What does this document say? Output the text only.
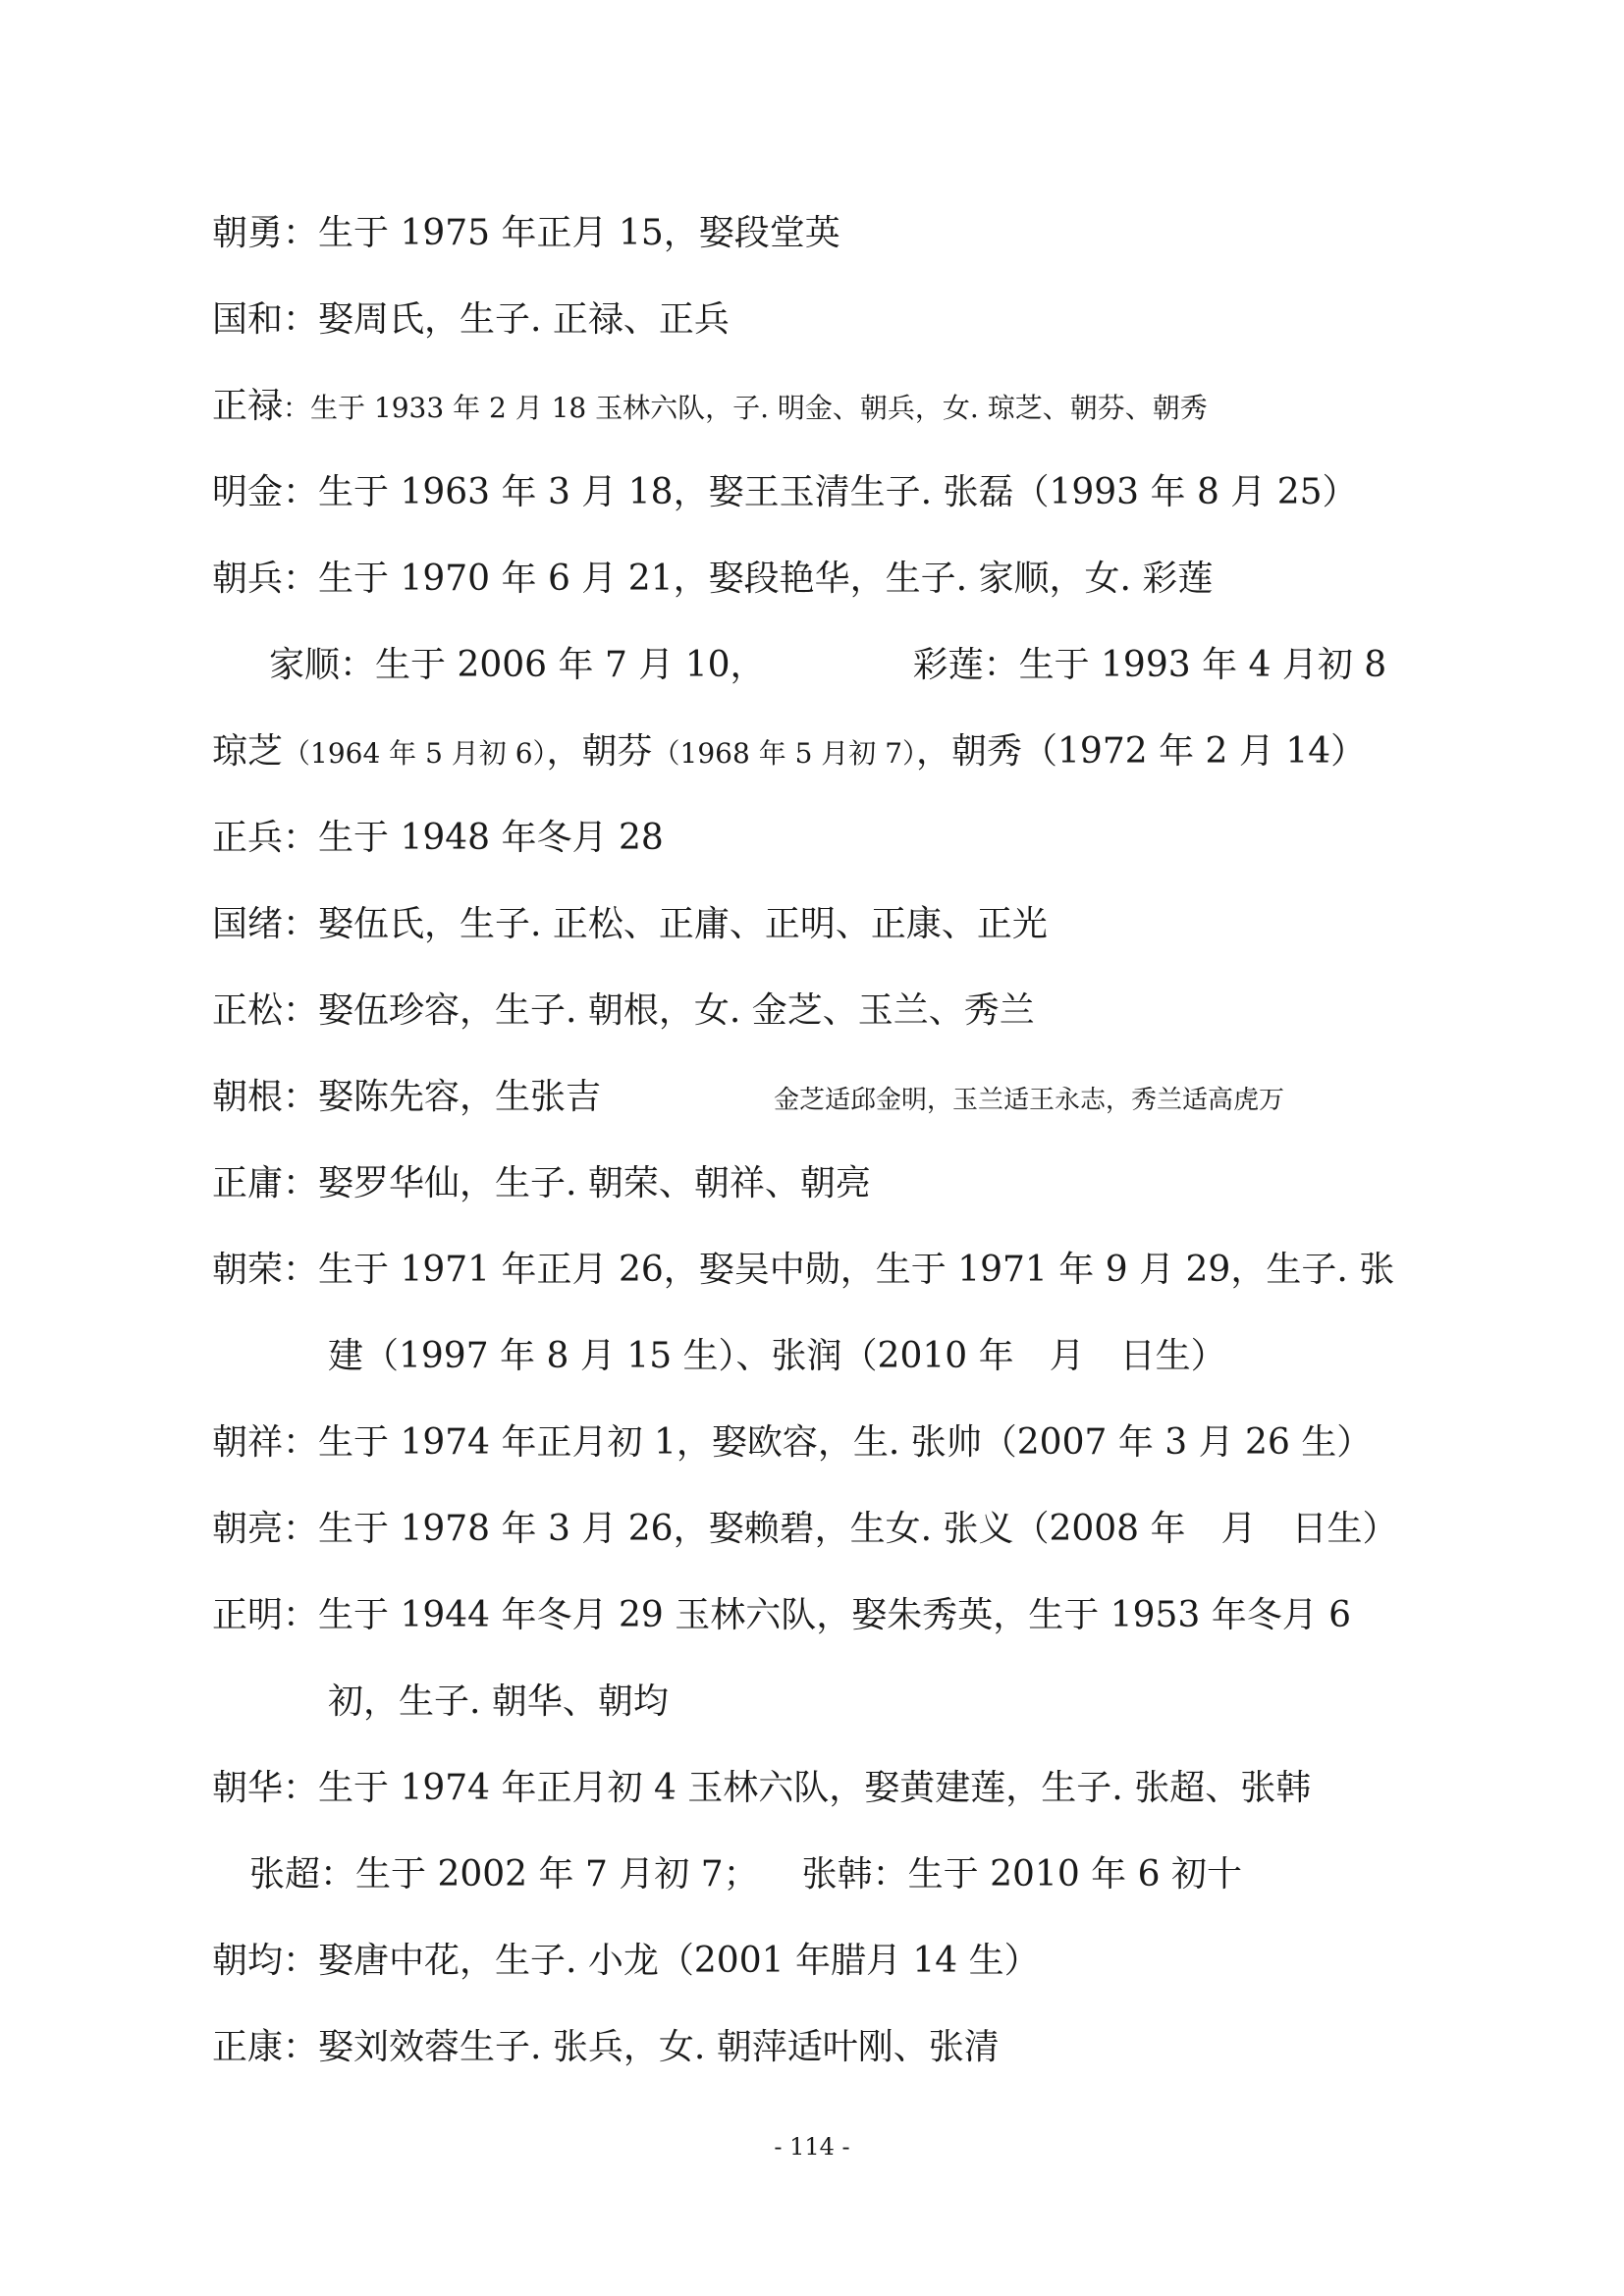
朝勇：生于 1975 年正月 15，娶段堂英
国和：娶周氏，生子. 正禄、正兵
正禄：生于 1933 年 2 月 18 玉林六队，子. 明金、朝兵，女. 琼芝、朝芬、朝秀
明金：生于 1963 年 3 月 18，娶王玉清生子. 张磊（1993 年 8 月 25）
朝兵：生于 1970 年 6 月 21，娶段艳华，生子. 家顺，女. 彩莲
家顺：生于 2006 年 7 月 10，	彩莲：生于 1993 年 4 月初 8
琼芝（1964 年 5 月初 6），朝芬（1968 年 5 月初 7），朝秀（1972 年 2 月 14）
正兵：生于 1948 年冬月 28
国绪：娶伍氏，生子. 正松、正庸、正明、正康、正光
正松：娶伍珍容，生子. 朝根，女. 金芝、玉兰、秀兰
朝根：娶陈先容，生张吉	金芝适邱金明，玉兰适王永志，秀兰适高虎万
正庸：娶罗华仙，生子. 朝荣、朝祥、朝亮
朝荣：生于 1971 年正月 26，娶吴中勋，生于 1971 年 9 月 29，生子. 张
建（1997 年 8 月 15 生）、张润（2010 年　月　日生）
朝祥：生于 1974 年正月初 1，娶欧容，生. 张帅（2007 年 3 月 26 生）
朝亮：生于 1978 年 3 月 26，娶赖碧，生女. 张义（2008 年　月　日生）
正明：生于 1944 年冬月 29 玉林六队，娶朱秀英，生于 1953 年冬月 6
初，生子. 朝华、朝均
朝华：生于 1974 年正月初 4 玉林六队，娶黄建莲，生子. 张超、张韩
张超：生于 2002 年 7 月初 7； 张韩：生于 2010 年 6 初十
朝均：娶唐中花，生子. 小龙（2001 年腊月 14 生）
正康：娶刘效蓉生子. 张兵，女. 朝萍适叶刚、张清
- 114 -
